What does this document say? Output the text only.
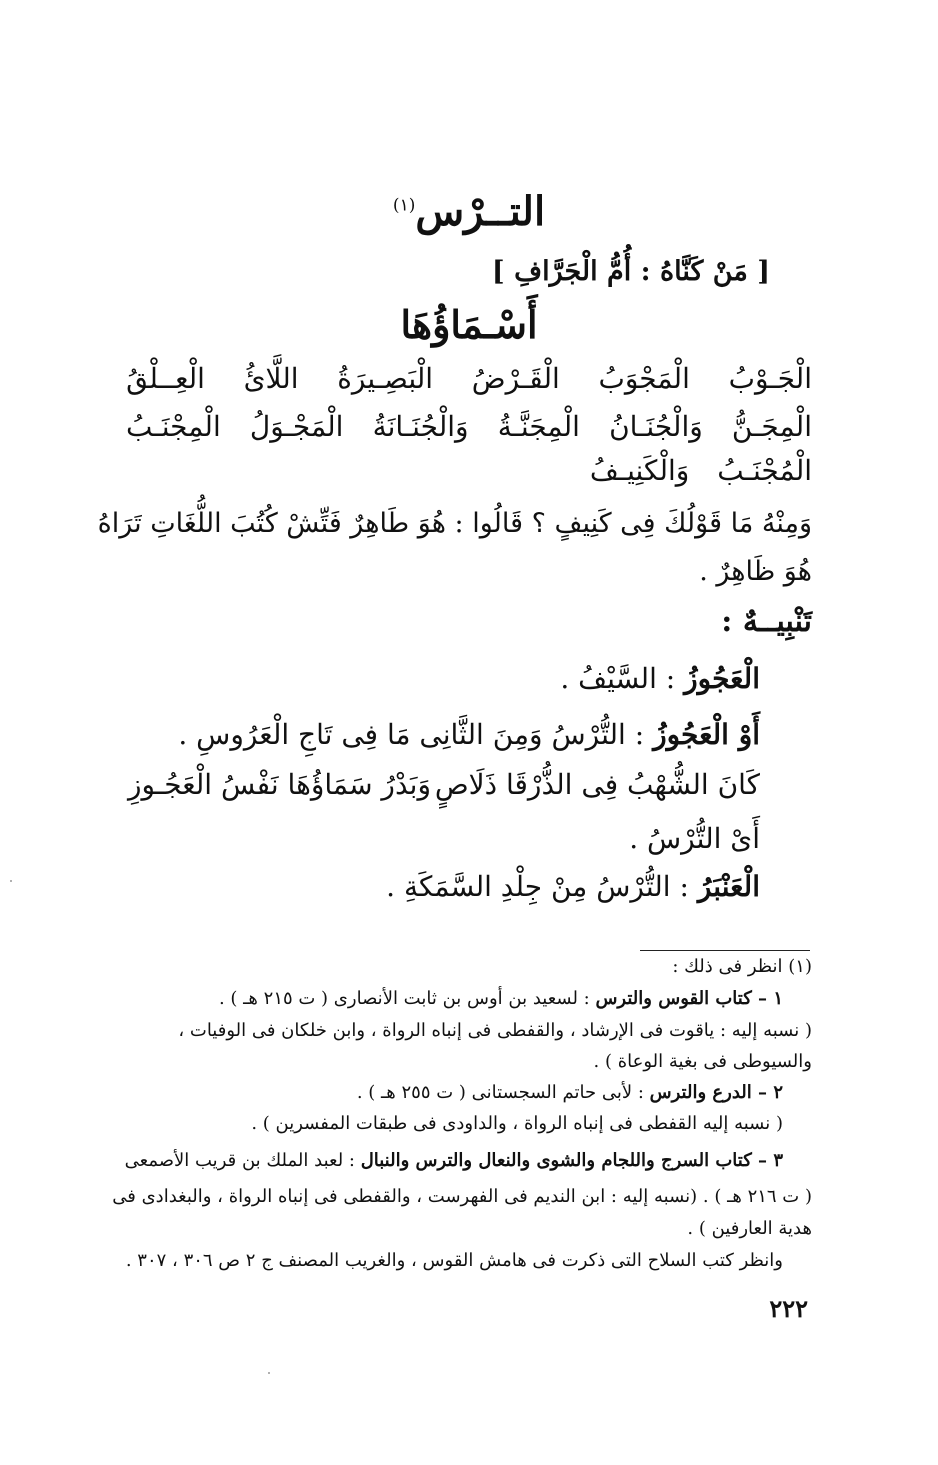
التــرْس$^{(١)}$
[ مَنْ كَنَّاهُ : أُمُّ الْجَرَّافِ ]
أَسْـمَاؤُهَا
الْجَـوْبُ
الْمَجْوَبُ
الْقَـرْضُ
الْبَصِـيرَةُ
اللَّائُ
الْعِــلْقُ
الْمِجَـنُّ
وَالْجُنَـانُ
الْمِجَنَّـةُ
وَالْجُنَـانَةُ
الْمَجْـوَلُ
الْمِجْنَـبُ
الْمُجْنَـبُ
وَالْكَنِيـفُ
وَمِنْهُ مَا قَوْلُكَ فِى كَنِيفٍ ؟ قَالُوا : هُوَ طَاهِرٌ فَتِّشْ كُتُبَ اللُّغَاتِ تَرَاهُ
هُوَ ظَاهِرٌ .
تَنْبِيــهٌ :
الْعَجُوزُ : السَّيْفُ .
أَوْ الْعَجُوزُ : التُّرْسُ وَمِنَ الثَّانِى مَا فِى تَاجِ الْعَرُوسِ .
كَانَ الشُّهْبُ فِى الذُّرْقَا ذَلَاصٍ
وَبَدْرُ سَمَاؤُهَا نَفْسُ الْعَجُـوزِ
أَىْ التُّرْسُ .
الْعَنْبَرُ : التُّرْسُ مِنْ جِلْدِ السَّمَكَةِ .
(١) انظر فى ذلك :
١ – كتاب القوس والترس : لسعيد بن أوس بن ثابت الأنصارى ( ت ٢١٥ هـ ) .
( نسبه إليه : ياقوت فى الإرشاد ، والقفطى فى إنباه الرواة ، وابن خلكان فى الوفيات ،
والسيوطى فى بغية الوعاة ) .
٢ – الدرع والترس : لأبى حاتم السجستانى ( ت ٢٥٥ هـ ) .
( نسبه إليه القفطى فى إنباه الرواة ، والداودى فى طبقات المفسرين ) .
٣ – كتاب السرج واللجام والشوى والنعال والترس والنبال : لعبد الملك بن قريب الأصمعى
( ت ٢١٦ هـ ) . (نسبه إليه : ابن النديم فى الفهرست ، والقفطى فى إنباه الرواة ، والبغدادى فى
هدية العارفين ) .
وانظر كتب السلاح التى ذكرت فى هامش القوس ، والغريب المصنف ج ٢ ص ٣٠٦ ، ٣٠٧ .
٢٢٢
